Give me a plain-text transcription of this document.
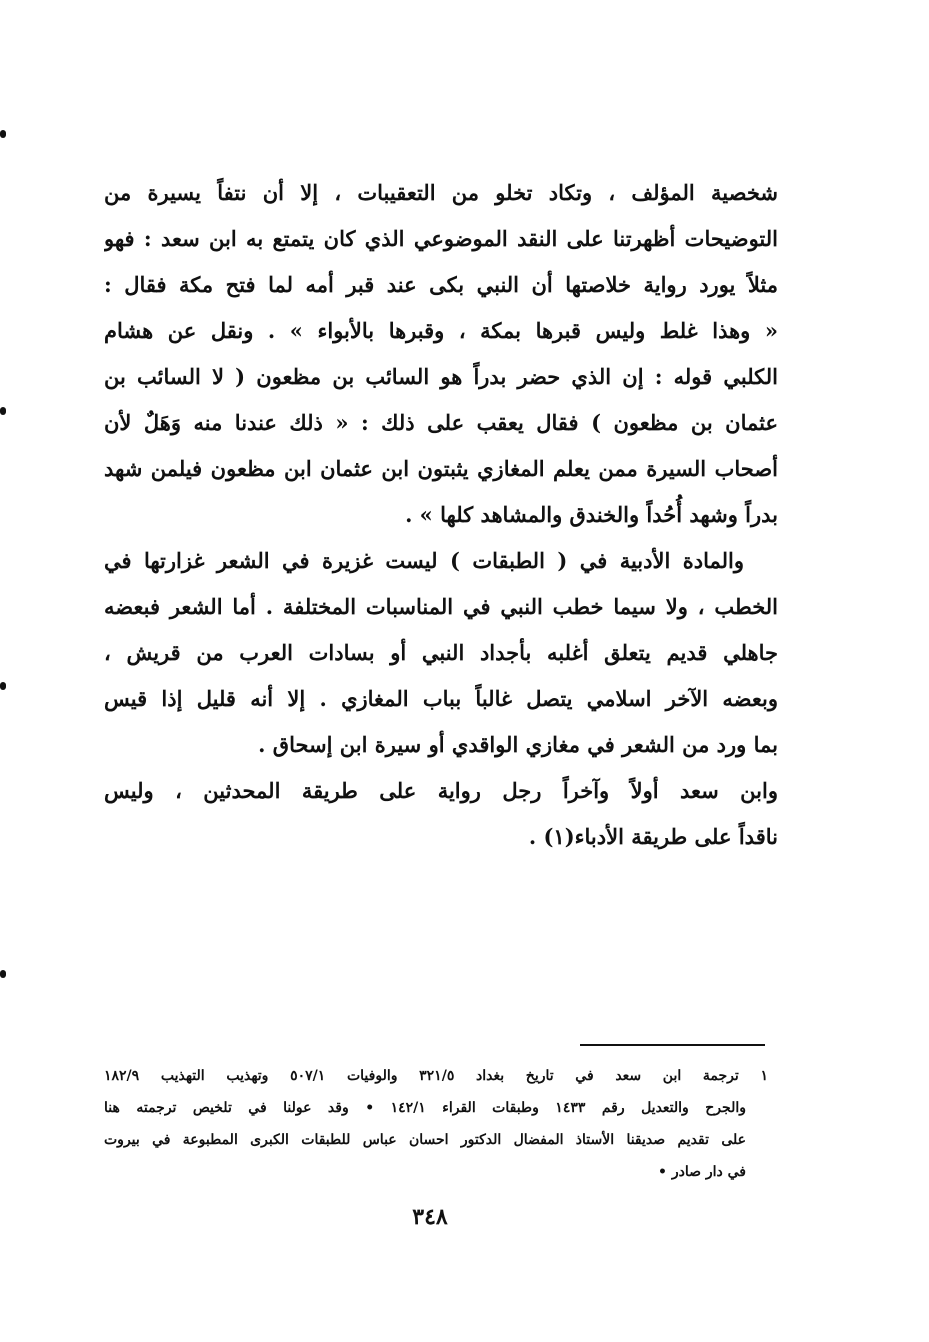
شخصية المؤلف ، وتكاد تخلو من التعقيبات ، إلا أن نتفاً يسيرة من
التوضيحات أظهرتنا على النقد الموضوعي الذي كان يتمتع به ابن سعد : فهو
مثلاً يورد رواية خلاصتها أن النبي بكى عند قبر أمه لما فتح مكة فقال :
« وهذا غلط وليس قبرها بمكة ، وقبرها بالأبواء » . ونقل عن هشام
الكلبي قوله : إن الذي حضر بدراً هو السائب بن مظعون ( لا السائب بن
عثمان بن مظعون ) فقال يعقب على ذلك : « ذلك عندنا منه وَهَلٌ لأن
أصحاب السيرة ممن يعلم المغازي يثبتون ابن عثمان ابن مظعون فيلمن شهد
بدراً وشهد أُحُداً والخندق والمشاهد كلها » .
والمادة الأدبية في ( الطبقات ) ليست غزيرة في الشعر غزارتها في
الخطب ، ولا سيما خطب النبي في المناسبات المختلفة . أما الشعر فبعضه
جاهلي قديم يتعلق أغلبه بأجداد النبي أو بسادات العرب من قريش ،
وبعضه الآخر اسلامي يتصل غالباً بباب المغازي . إلا أنه قليل إذا قيس
بما ورد من الشعر في مغازي الواقدي أو سيرة ابن إسحاق .
وابن سعد أولاً وآخراً رجل رواية على طريقة المحدثين ، وليس
ناقداً على طريقة الأدباء(١) .
١ ترجمة ابن سعد في تاريخ بغداد ٣٢١/٥ والوفيات ٥٠٧/١ وتهذيب التهذيب ١٨٢/٩
والجرح والتعديل رقم ١٤٣٣ وطبقات القراء ١٤٢/١ • وقد عولنا في تلخيص ترجمته هنا
على تقديم صديقنا الأستاذ المفضال الدكتور احسان عباس للطبقات الكبرى المطبوعة في بيروت
في دار صادر •
٣٤٨
